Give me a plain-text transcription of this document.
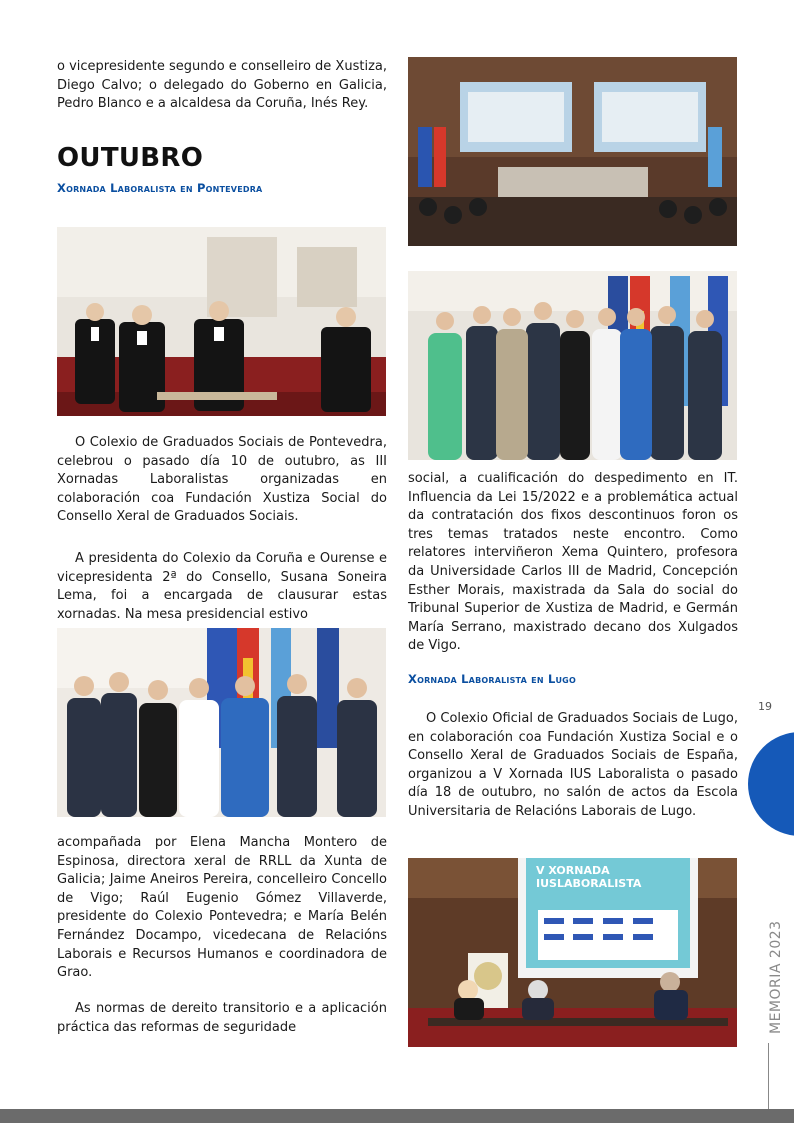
o vicepresidente segundo e conselleiro de Xustiza, Diego Calvo; o delegado do Goberno en Galicia, Pedro Blanco e a alcaldesa da Coruña, Inés Rey.

OUTUBRO
Xornada Laboralista en Pontevedra

O Colexio de Graduados Sociais de Pontevedra, celebrou o pasado día 10 de outubro, as III Xornadas Laboralistas organizadas en colaboración coa Fundación Xustiza Social do Consello Xeral de Graduados Sociais.

A presidenta do Colexio da Coruña e Ourense e vicepresidenta 2ª do Consello, Susana Soneira Lema, foi a encargada de clausurar estas xornadas. Na mesa presidencial estivo

acompañada por Elena Mancha Montero de Espinosa, directora xeral de RRLL da Xunta de Galicia; Jaime Aneiros Pereira, concelleiro Concello de Vigo; Raúl Eugenio Gómez Villaverde, presidente do Colexio Pontevedra; e María Belén Fernández Docampo, vicedecana de Relacións Laborais e Recursos Humanos e coordinadora de Grao.

As normas de dereito transitorio e a aplicación práctica das reformas de seguridade

social, a cualificación do despedimento en IT. Influencia da Lei 15/2022 e a problemática actual da contratación dos fixos descontinuos foron os tres temas tratados neste encontro. Como relatores interviñeron Xema Quintero, profesora da Universidade Carlos III de Madrid, Concepción Esther Morais, maxistrada da Sala do social do Tribunal Superior de Xustiza de Madrid, e Germán María Serrano, maxistrado decano dos Xulgados de Vigo.

Xornada Laboralista en Lugo

O Colexio Oficial de Graduados Sociais de Lugo, en colaboración coa Fundación Xustiza Social e o Consello Xeral de Graduados Sociais de España, organizou a V Xornada IUS Laboralista o pasado día 18 de outubro, no salón de actos da Escola Universitaria de Relacións Laborais de Lugo.

V XORNADA IUSLABORALISTA
19
MEMORIA 2023
